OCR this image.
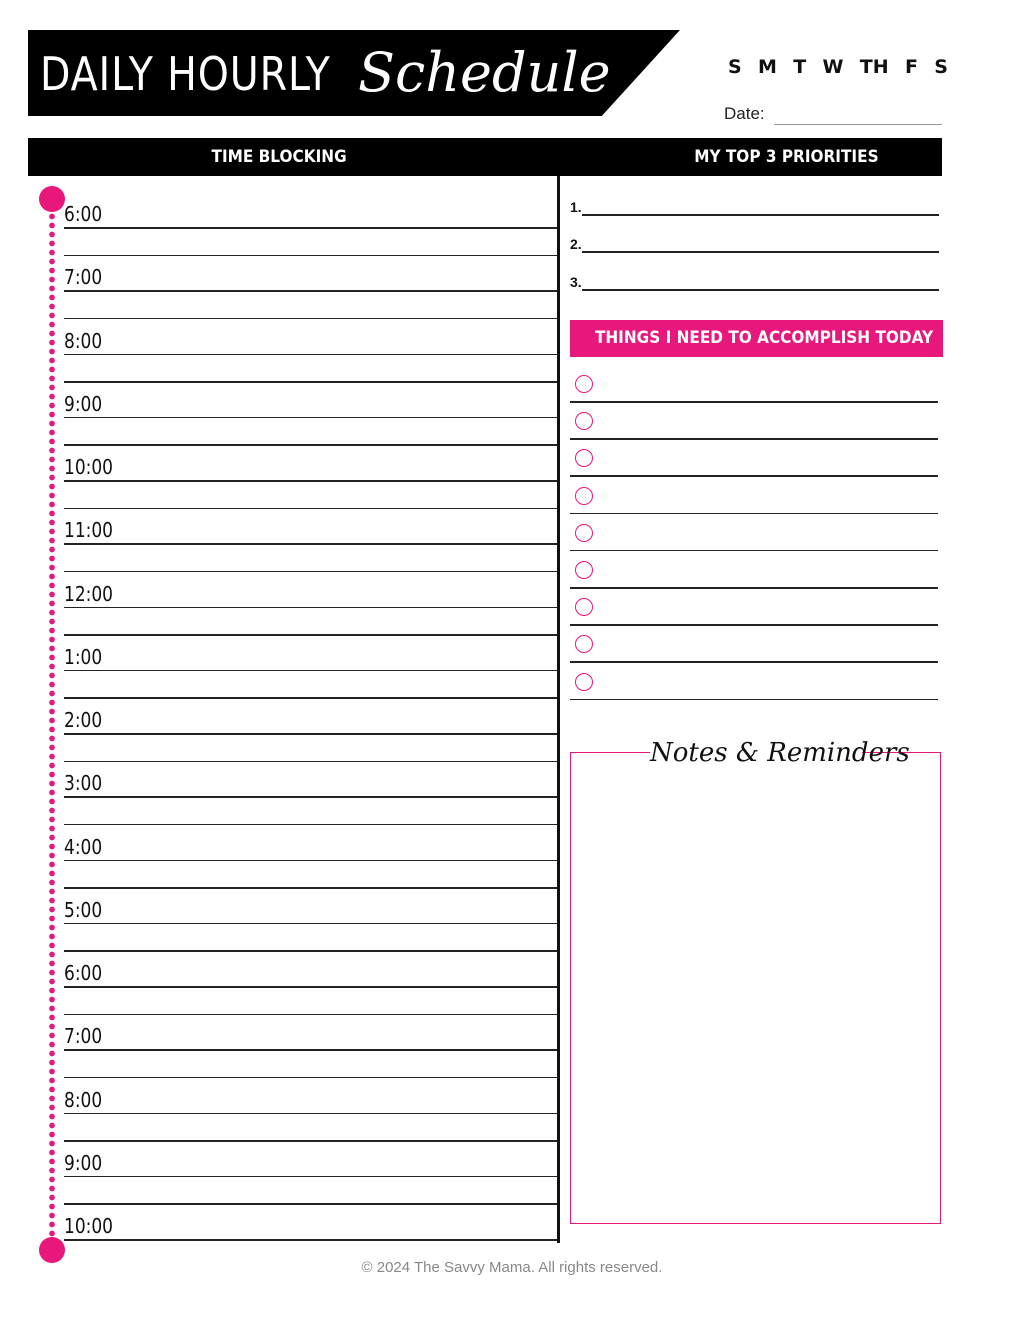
DAILY HOURLY Schedule	S M T W TH F S
Date:
TIME BLOCKING	MY TOP 3 PRIORITIES
6:00
7:00
8:00
9:00
10:00
11:00
12:00
1:00
2:00
3:00
4:00
5:00
6:00
7:00
8:00
9:00
10:00
1.
2.
3.
THINGS I NEED TO ACCOMPLISH TODAY
Notes & Reminders
© 2024 The Savvy Mama. All rights reserved.
